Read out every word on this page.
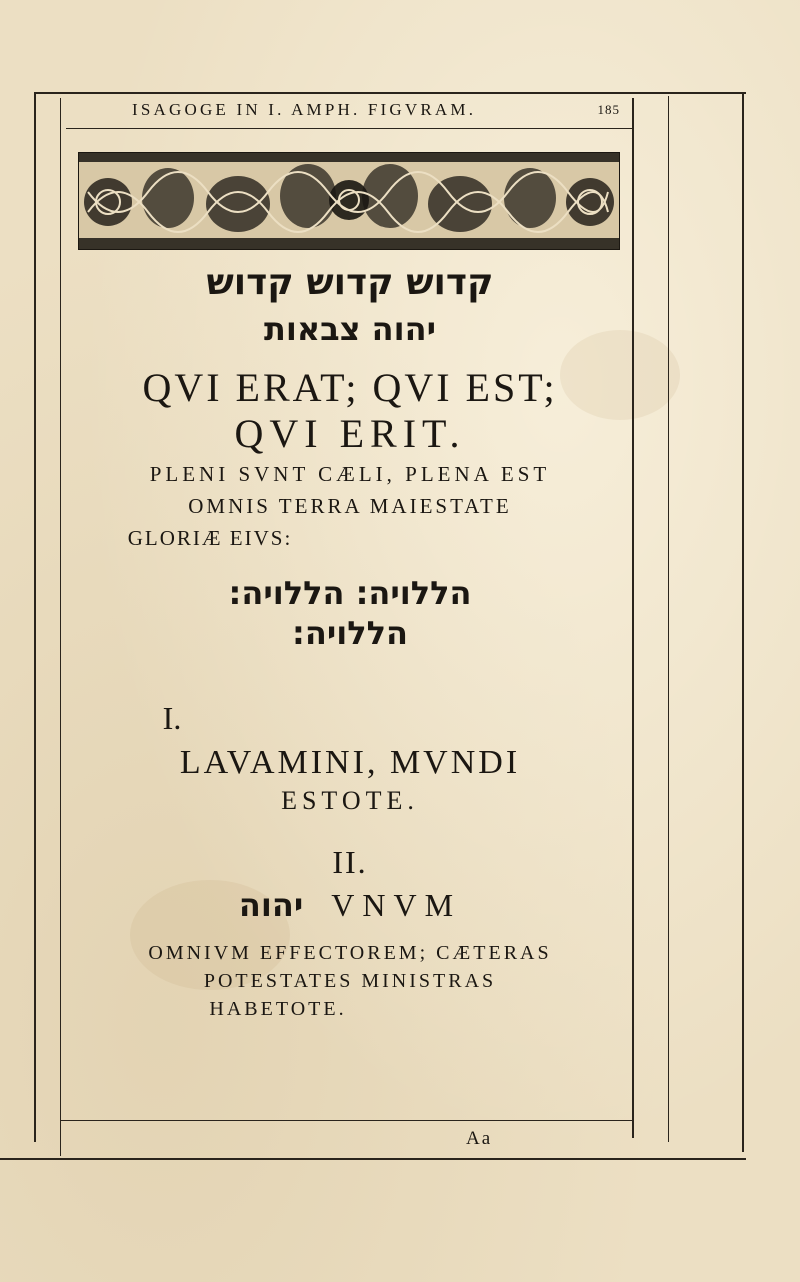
ISAGOGE IN I. AMPH. FIGVRAM.	185
קדוש קדוש קדוש
יהוה צבאות
QVI ERAT; QVI EST;
QVI ERIT.
PLENI SVNT CÆLI, PLENA EST
OMNIS TERRA MAIESTATE
GLORIÆ EIVS:
הללויה: הללויה:
הללויה:
I.
LAVAMINI, MVNDI
ESTOTE.
II.
יהוה VNVM
OMNIVM EFFECTOREM; CÆTERAS
POTESTATES MINISTRAS
HABETOTE.
Aa
